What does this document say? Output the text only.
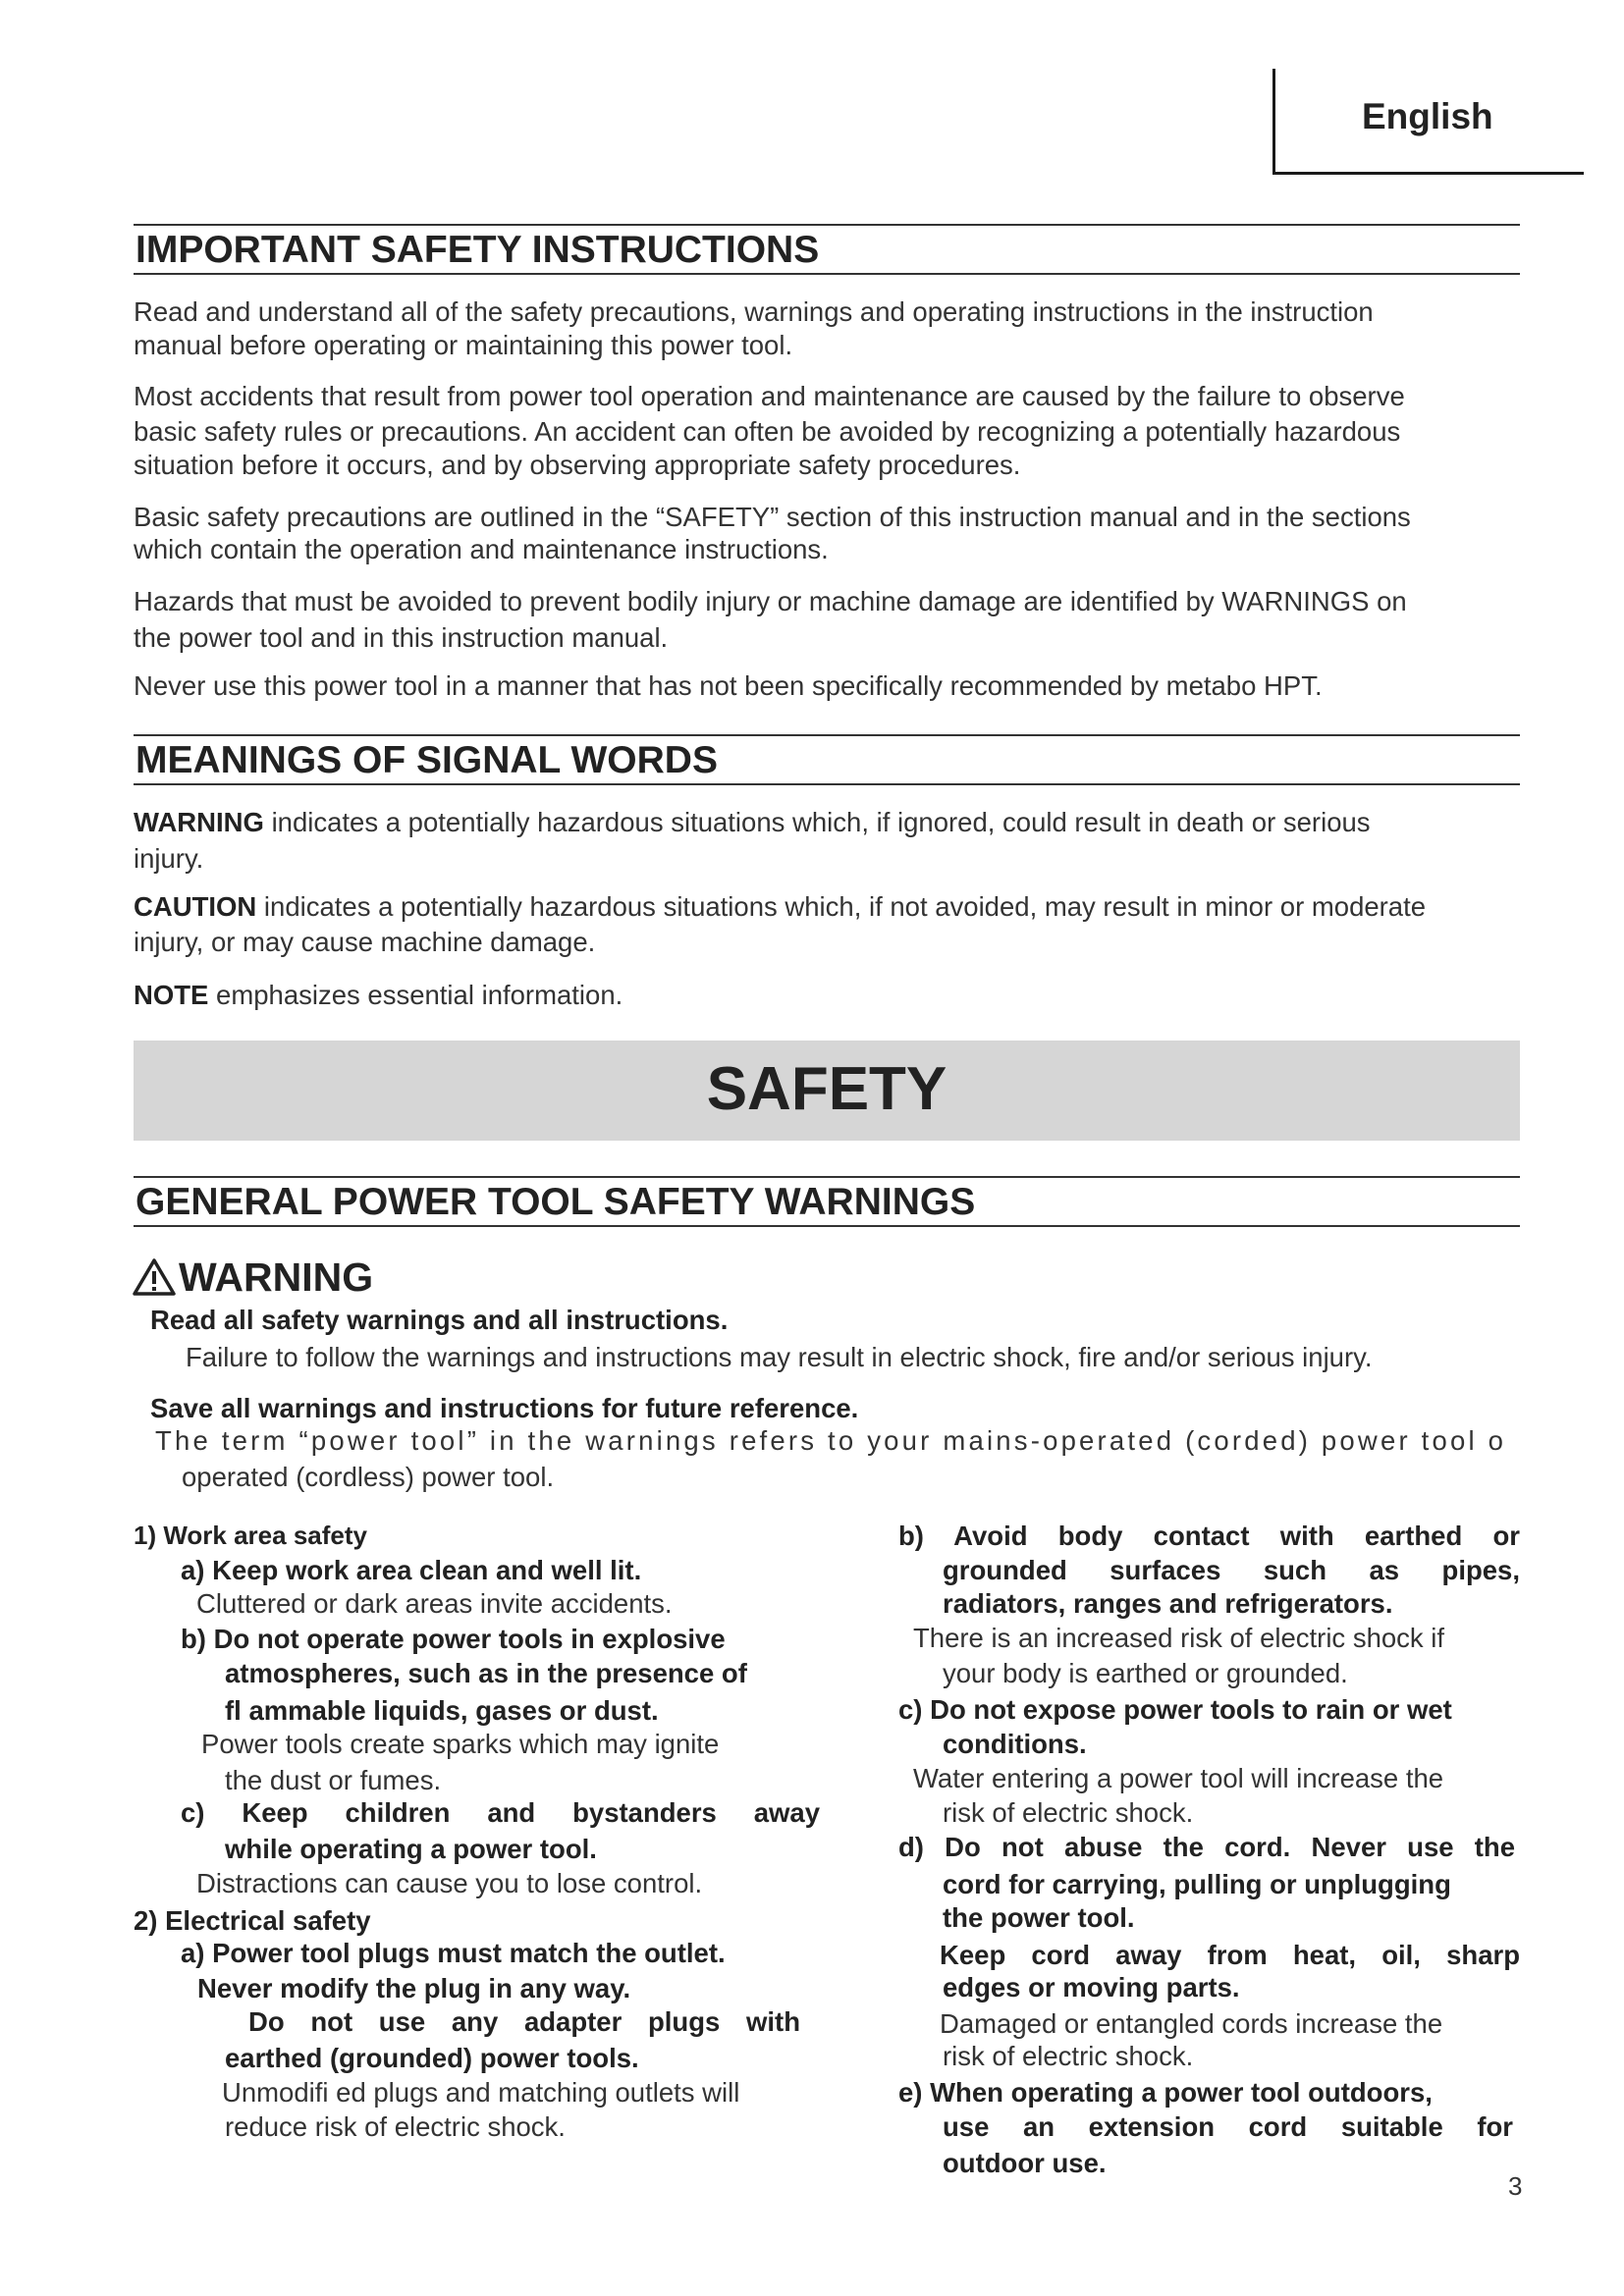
English
IMPORTANT SAFETY INSTRUCTIONS

Read and understand all of the safety precautions, warnings and operating instructions in the instruction

manual before operating or maintaining this power tool.

Most accidents that result from power tool operation and maintenance are caused by the failure to observe

basic safety rules or precautions. An accident can often be avoided by recognizing a potentially hazardous

situation before it occurs, and by observing appropriate safety procedures.

Basic safety precautions are outlined in the “SAFETY” section of this instruction manual and in the sections

which contain the operation and maintenance instructions.

Hazards that must be avoided to prevent bodily injury or machine damage are identified by WARNINGS on

the power tool and in this instruction manual.

Never use this power tool in a manner that has not been specifically recommended by metabo HPT.

MEANINGS OF SIGNAL WORDS

WARNING indicates a potentially hazardous situations which, if ignored, could result in death or serious

injury.

CAUTION indicates a potentially hazardous situations which, if not avoided, may result in minor or moderate

injury, or may cause machine damage.

NOTE emphasizes essential information.

SAFETY
GENERAL POWER TOOL SAFETY WARNINGS
WARNING

Read all safety warnings and all instructions.

Failure to follow the warnings and instructions may result in electric shock, fire and/or serious injury.

Save all warnings and instructions for future reference.

The term “power tool” in the warnings refers to your mains-operated (corded) power tool o

operated (cordless) power tool.

1) Work area safety

a) Keep work area clean and well lit.

Cluttered or dark areas invite accidents.

b) Do not operate power tools in explosive

atmospheres, such as in the presence of

fl ammable liquids, gases or dust.

Power tools create sparks which may ignite

the dust or fumes.

c) Keep children and bystanders away

while operating a power tool.

Distractions can cause you to lose control.

2) Electrical safety

a) Power tool plugs must match the outlet.

Never modify the plug in any way.

Do not use any adapter plugs with

earthed (grounded) power tools.

Unmodifi ed plugs and matching outlets will

reduce risk of electric shock.

b) Avoid body contact with earthed or

grounded surfaces such as pipes,

radiators, ranges and refrigerators.

There is an increased risk of electric shock if

your body is earthed or grounded.

c) Do not expose power tools to rain or wet

conditions.

Water entering a power tool will increase the

risk of electric shock.

d) Do not abuse the cord. Never use the

cord for carrying, pulling or unplugging

the power tool.

Keep cord away from heat, oil, sharp

edges or moving parts.

Damaged or entangled cords increase the

risk of electric shock.

e) When operating a power tool outdoors,

use an extension cord suitable for

outdoor use.

3
